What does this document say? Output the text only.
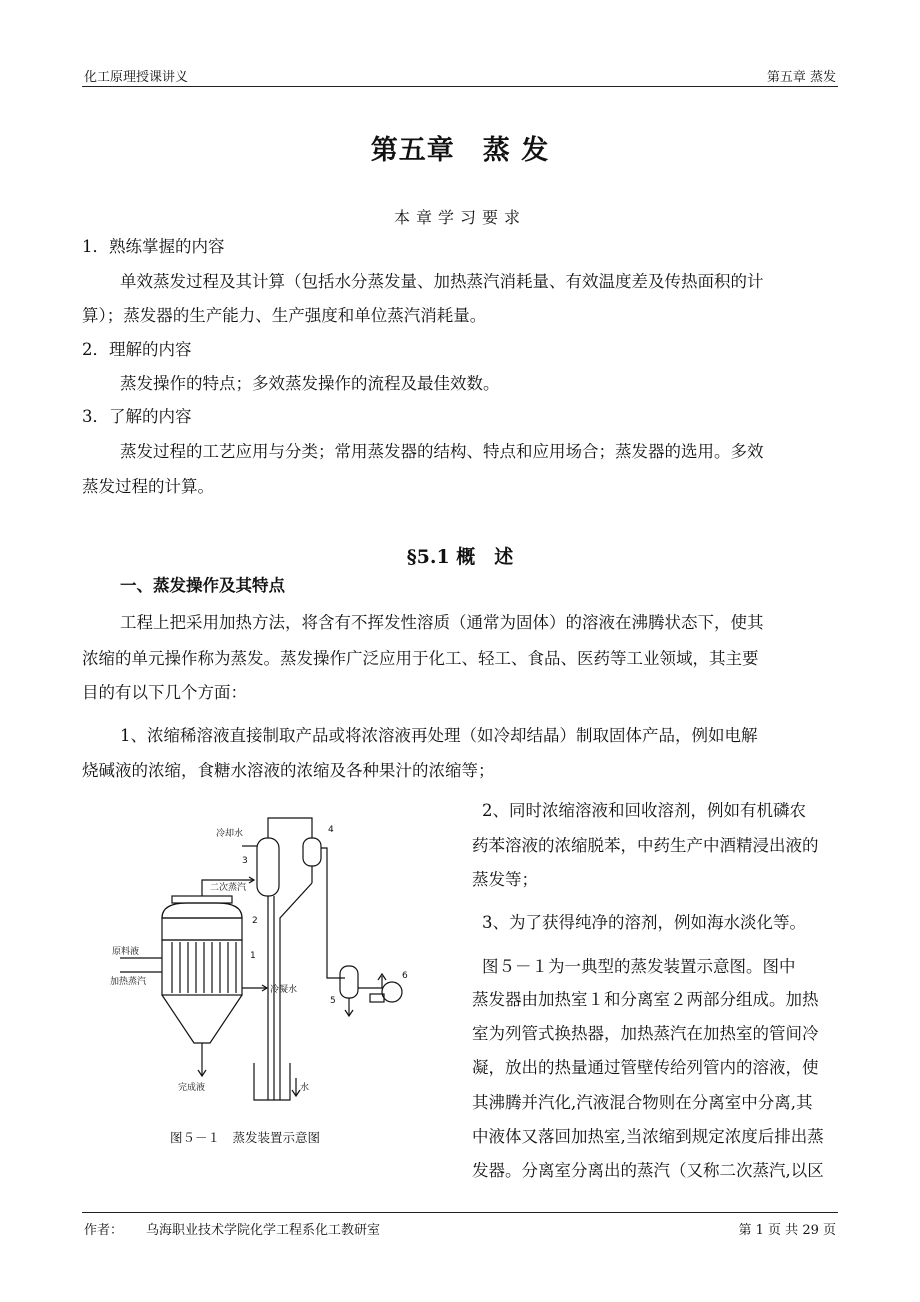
化工原理授课讲义	第五章 蒸发
第五章　蒸 发
本章学习要求
1．熟练掌握的内容
单效蒸发过程及其计算（包括水分蒸发量、加热蒸汽消耗量、有效温度差及传热面积的计
算）；蒸发器的生产能力、生产强度和单位蒸汽消耗量。
2．理解的内容
蒸发操作的特点；多效蒸发操作的流程及最佳效数。
3．了解的内容
蒸发过程的工艺应用与分类；常用蒸发器的结构、特点和应用场合；蒸发器的选用。多效
蒸发过程的计算。
§5.1 概　述
一、蒸发操作及其特点
工程上把采用加热方法，将含有不挥发性溶质（通常为固体）的溶液在沸腾状态下，使其
浓缩的单元操作称为蒸发。蒸发操作广泛应用于化工、轻工、食品、医药等工业领域，其主要
目的有以下几个方面：
1、浓缩稀溶液直接制取产品或将浓溶液再处理（如冷却结晶）制取固体产品，例如电解
烧碱液的浓缩，食糖水溶液的浓缩及各种果汁的浓缩等；
2、同时浓缩溶液和回收溶剂，例如有机磷农
药苯溶液的浓缩脱苯，中药生产中酒精浸出液的
蒸发等；
3、为了获得纯净的溶剂，例如海水淡化等。
图５－１为一典型的蒸发装置示意图。图中
蒸发器由加热室１和分离室２两部分组成。加热
室为列管式换热器，加热蒸汽在加热室的管间冷
凝，放出的热量通过管壁传给列管内的溶液，使
其沸腾并汽化,汽液混合物则在分离室中分离,其
中液体又落回加热室,当浓缩到规定浓度后排出蒸
发器。分离室分离出的蒸汽（又称二次蒸汽,以区
冷却水
二次蒸汽
原料液
加热蒸汽
冷凝水
完成液	水
1
2
3
4
5
6
图５－１　蒸发装置示意图
作者： 乌海职业技术学院化学工程系化工教研室	第 1 页 共 29 页
